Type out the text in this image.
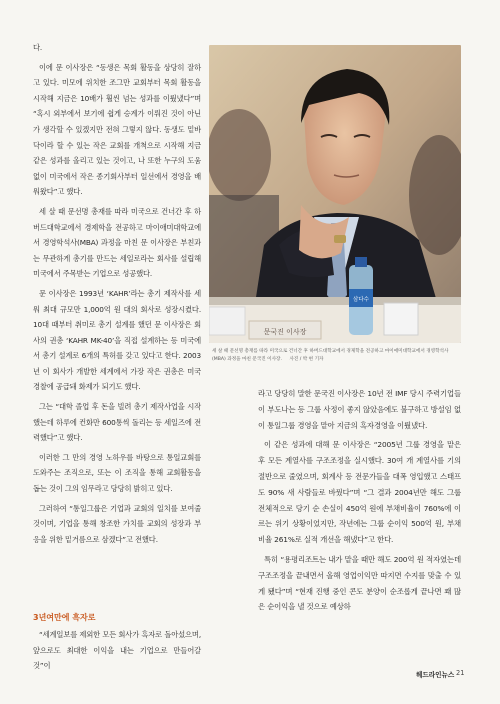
다.

이에 문 이사장은 “동생은 목회 활동을 상당히 잘하고 있다. 미모에 위치한 조그만 교회부터 목회 활동을 시작해 지금은 10배가 훨씬 넘는 성과를 이뤘냈다”며 “혹시 외부에서 보기에 쉽게 승계가 이뤄진 것이 아닌가 생각할 수 있겠지만 전혀 그렇지 않다. 동생도 밑바닥이라 할 수 있는 작은 교회를 개척으로 시작해 지금 같은 성과를 올리고 있는 것이고, 나 또한 누구의 도움 없이 미국에서 작은 종기회사부터 일선에서 경영을 배워왔다”고 했다.

세 살 때 문선명 총재를 따라 미국으로 건너간 후 하버드대학교에서 경제학을 전공하고 마이애미대학교에서 경영학석사(MBA) 과정을 마친 문 이사장은 부친과는 무관하게 총기를 만드는 세일로라는 회사를 설립해 미국에서 주목받는 기업으로 성공했다.

문 이사장은 1993년 ‘KAHR’라는 총기 제작사를 세워 최대 규모만 1,000억 원 대의 회사로 성장시켰다. 10대 때부터 취미로 총기 설계를 했던 문 이사장은 회사의 권총 ‘KAHR MK-40’을 직접 설계하는 등 미국에서 총기 설계로 6개의 특허를 갖고 있다고 한다. 2003년 이 회사가 개발한 세계에서 가장 작은 권총은 미국 경찰에 공급돼 화제가 되기도 했다.

그는 “대학 졸업 후 돈을 빌려 총기 제작사업을 시작했는데 하루에 컨화만 600통씩 돌리는 등 세일즈에 전력했다”고 했다.

이러한 그 만의 경영 노하우를 바탕으로 통일교회를 도와주는 조직으로, 또는 이 조직을 통해 교회활동을 돕는 것이 그의 임무라고 당당히 밝히고 있다.

그러하여 “통일그룹은 기업과 교회의 일치를 보여줄 것이며, 기업을 통해 창조한 가치를 교회의 성장과 부응을 위한 밑거름으로 삼겠다”고 전했다.

삼다수
문국진 이사장
세 살 때 문선명 총재를 따라 미국으로 건너간 후 하버드대학교에서 경제학을 전공하고 마이애미대학교에서 경영학석사(MBA) 과정을 마친 문국진 이사장. 사진 / 박 현 기자
3년여만에 흑자로

“세계일보를 제외한 모든 회사가 흑자로 돌아섰으며, 앞으로도 최대한 이익을 내는 기업으로 만들어갈 것”이

라고 당당히 말한 문국진 이사장은 10년 전 IMF 당시 주력기업들이 부도나는 등 그룹 사정이 좋지 않았음에도 불구하고 방설임 없이 통일그룹 경영을 맡아 지금의 흑자경영을 이뤘냈다.

이 같은 성과에 대해 문 이사장은 “2005년 그룹 경영을 맡은 후 모든 계열사를 구조조정을 실시했다. 30여 개 계열사를 기의 절반으로 줄였으며, 회계사 등 전문가들을 대폭 영입했고 스태프도 90% 새 사람들로 바꿨다”며 “그 결과 2004년만 해도 그룹 전체적으로 당기 순 손실이 450억 원에 부채비율이 760%에 이르는 위기 상황이었지만, 작년에는 그룹 순이익 500억 원, 부채비율 261%로 실적 개선을 해냈다”고 한다.

특히 “용평리조트는 내가 맡을 때만 해도 200억 원 적자였는데 구조조정을 끝내면서 올해 영업이익만 따지면 수지를 맞출 수 있게 됐다”며 “현재 진행 중인 콘도 분양이 순조롭게 끝나면 꽤 많은 순이익을 낼 것으로 예상하

헤드라인뉴스 21
